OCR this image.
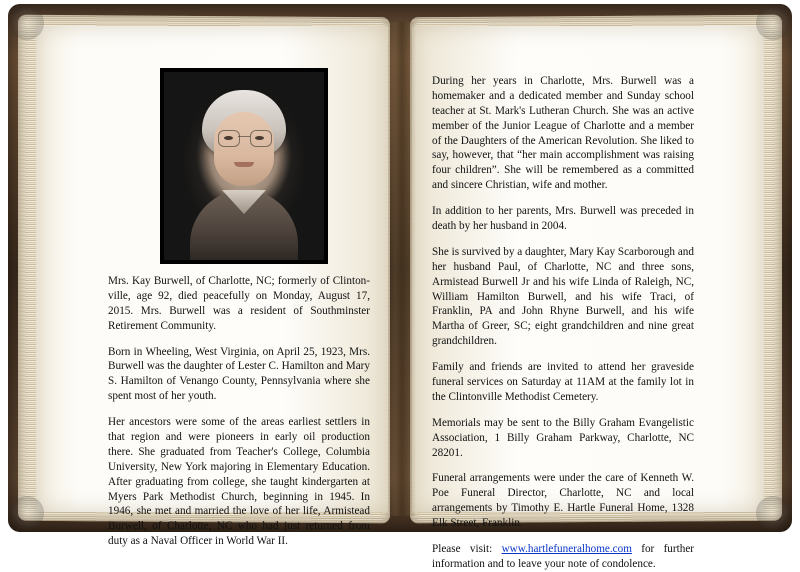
Mrs. Kay Burwell, of Charlotte, NC; formerly of Clinton-ville, age 92, died peacefully on Monday, August 17, 2015. Mrs. Burwell was a resident of Southminster Retirement Community.

Born in Wheeling, West Virginia, on April 25, 1923, Mrs. Burwell was the daughter of Lester C. Hamilton and Mary S. Hamilton of Venango County, Pennsylvania where she spent most of her youth.

Her ancestors were some of the areas earliest settlers in that region and were pioneers in early oil production there. She graduated from Teacher's College, Columbia University, New York majoring in Elementary Education. After graduating from college, she taught kindergarten at Myers Park Methodist Church, beginning in 1945. In 1946, she met and married the love of her life, Armistead Burwell, of Charlotte, NC who had just returned from duty as a Naval Officer in World War II.

During her years in Charlotte, Mrs. Burwell was a homemaker and a dedicated member and Sunday school teacher at St. Mark's Lutheran Church. She was an active member of the Junior League of Charlotte and a member of the Daughters of the American Revolution. She liked to say, however, that “her main accomplishment was raising four children”. She will be remembered as a committed and sincere Christian, wife and mother.

In addition to her parents, Mrs. Burwell was preceded in death by her husband in 2004.

She is survived by a daughter, Mary Kay Scarborough and her husband Paul, of Charlotte, NC and three sons, Armistead Burwell Jr and his wife Linda of Raleigh, NC, William Hamilton Burwell, and his wife Traci, of Franklin, PA and John Rhyne Burwell, and his wife Martha of Greer, SC; eight grandchildren and nine great grandchildren.

Family and friends are invited to attend her graveside funeral services on Saturday at 11AM at the family lot in the Clintonville Methodist Cemetery.

Memorials may be sent to the Billy Graham Evangelistic Association, 1 Billy Graham Parkway, Charlotte, NC 28201.

Funeral arrangements were under the care of Kenneth W. Poe Funeral Director, Charlotte, NC and local arrangements by Timothy E. Hartle Funeral Home, 1328 Elk Street, Franklin.

Please visit: www.hartlefuneralhome.com for further information and to leave your note of condolence.
